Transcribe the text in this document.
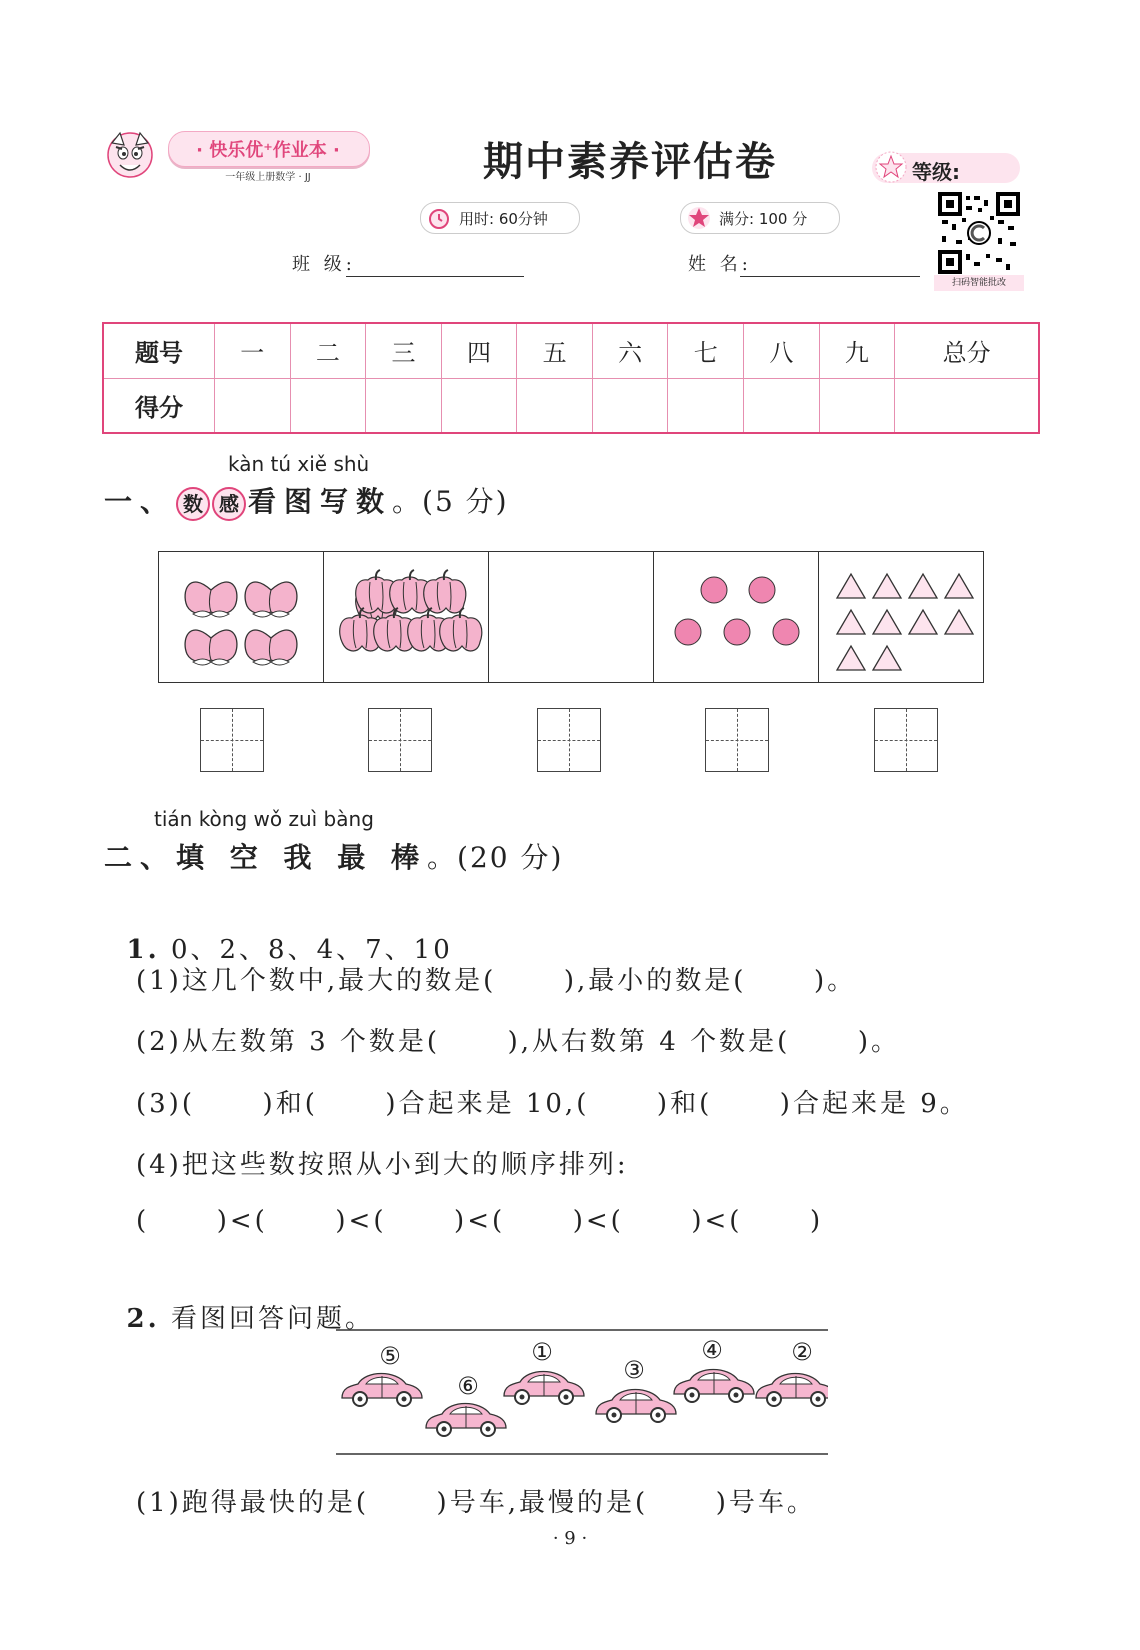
· 快乐优⁺作业本 ·
一年级上册数学 · JJ	期中素养评估卷	等级:
用时: 60分钟	满分: 100 分
扫码智能批改
班 级:	姓 名:
题号	一	二	三	四	五	六	七	八	九	总分
得分										
kàn tú xiě shù
一、 数 感 看图写数。(5 分)
tián kòng wǒ zuì bàng
二、填 空 我 最 棒。(20 分)

1. 0、2、8、4、7、10

(1)这几个数中,最大的数是(      ),最小的数是(      )。
(2)从左数第 3 个数是(      ),从右数第 4 个数是(      )。
(3)(      )和(      )合起来是 10,(      )和(      )合起来是 9。
(4)把这些数按照从小到大的顺序排列:
(      )<(      )<(      )<(      )<(      )<(      )

2. 看图回答问题。

⑤
⑥
①
③
④	②
(1)跑得最快的是(      )号车,最慢的是(      )号车。
· 9 ·
